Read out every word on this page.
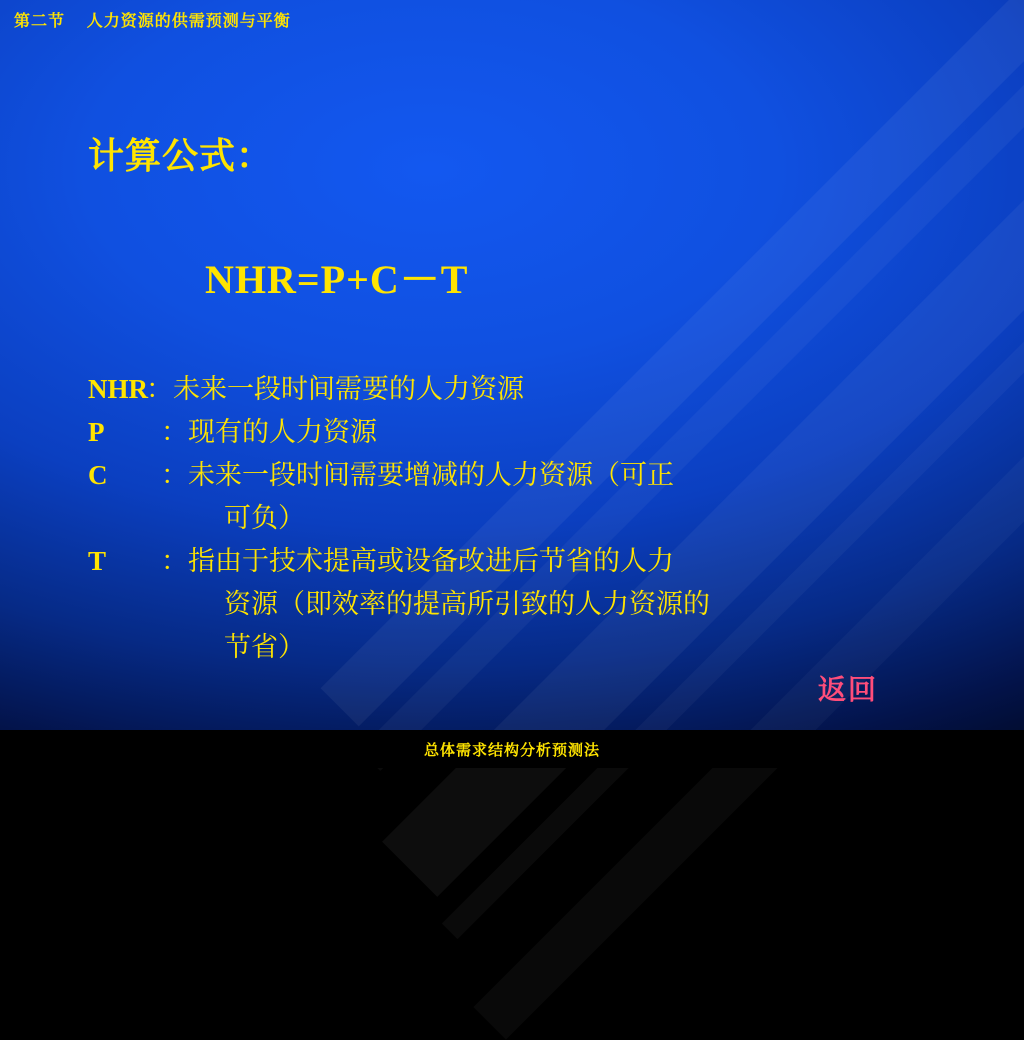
第二节    人力资源的供需预测与平衡
计算公式：
NHR=P+C－T
NHR
： 未来一段时间需要的人力资源
P	： 现有的人力资源
C	： 未来一段时间需要增减的人力资源（可正
可负）
T	： 指由于技术提高或设备改进后节省的人力
资源（即效率的提高所引致的人力资源的
节省）
返回
总体需求结构分析预测法
